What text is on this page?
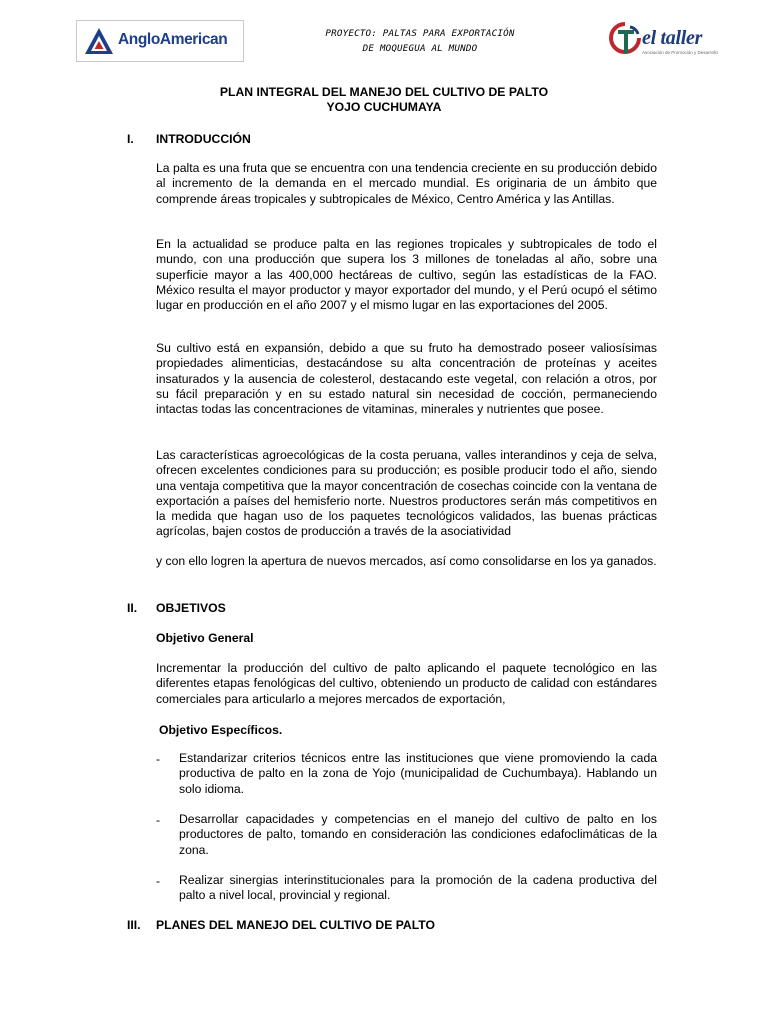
AngloAmerican	PROYECTO: PALTAS PARA EXPORTACIÓN
DE MOQUEGUA AL MUNDO	el taller
Asociación de Promoción y Desarrollo
PLAN INTEGRAL DEL MANEJO DEL CULTIVO DE PALTO
YOJO CUCHUMAYA
I. INTRODUCCIÓN

La palta es una fruta que se encuentra con una tendencia creciente en su producción debido al incremento de la demanda en el mercado mundial. Es originaria de un ámbito que comprende áreas tropicales y subtropicales de México, Centro América y las Antillas.

En la actualidad se produce palta en las regiones tropicales y subtropicales de todo el mundo, con una producción que supera los 3 millones de toneladas al año, sobre una superficie mayor a las 400,000 hectáreas de cultivo, según las estadísticas de la FAO. México resulta el mayor productor y mayor exportador del mundo, y el Perú ocupó el sétimo lugar en producción en el año 2007 y el mismo lugar en las exportaciones del 2005.

Su cultivo está en expansión, debido a que su fruto ha demostrado poseer valiosísimas propiedades alimenticias, destacándose su alta concentración de proteínas y aceites insaturados y la ausencia de colesterol, destacando este vegetal, con relación a otros, por su fácil preparación y en su estado natural sin necesidad de cocción, permaneciendo intactas todas las concentraciones de vitaminas, minerales y nutrientes que posee.

Las características agroecológicas de la costa peruana, valles interandinos y ceja de selva, ofrecen excelentes condiciones para su producción; es posible producir todo el año, siendo una ventaja competitiva que la mayor concentración de cosechas coincide con la ventana de exportación a países del hemisferio norte. Nuestros productores serán más competitivos en la medida que hagan uso de los paquetes tecnológicos validados, las buenas prácticas agrícolas, bajen costos de producción a través de la asociatividad

y con ello logren la apertura de nuevos mercados, así como consolidarse en los ya ganados.

II. OBJETIVOS
Objetivo General

Incrementar la producción del cultivo de palto aplicando el paquete tecnológico en las diferentes etapas fenológicas del cultivo, obteniendo un producto de calidad con estándares comerciales para articularlo a mejores mercados de exportación,

Objetivo Específicos.
- Estandarizar criterios técnicos entre las instituciones que viene promoviendo la cada productiva de palto en la zona de Yojo (municipalidad de Cuchumbaya). Hablando un solo idioma.

- Desarrollar capacidades y competencias en el manejo del cultivo de palto en los productores de palto, tomando en consideración las condiciones edafoclimáticas de la zona.

- Realizar sinergias interinstitucionales para la promoción de la cadena productiva del palto a nivel local, provincial y regional.

III. PLANES DEL MANEJO DEL CULTIVO DE PALTO
